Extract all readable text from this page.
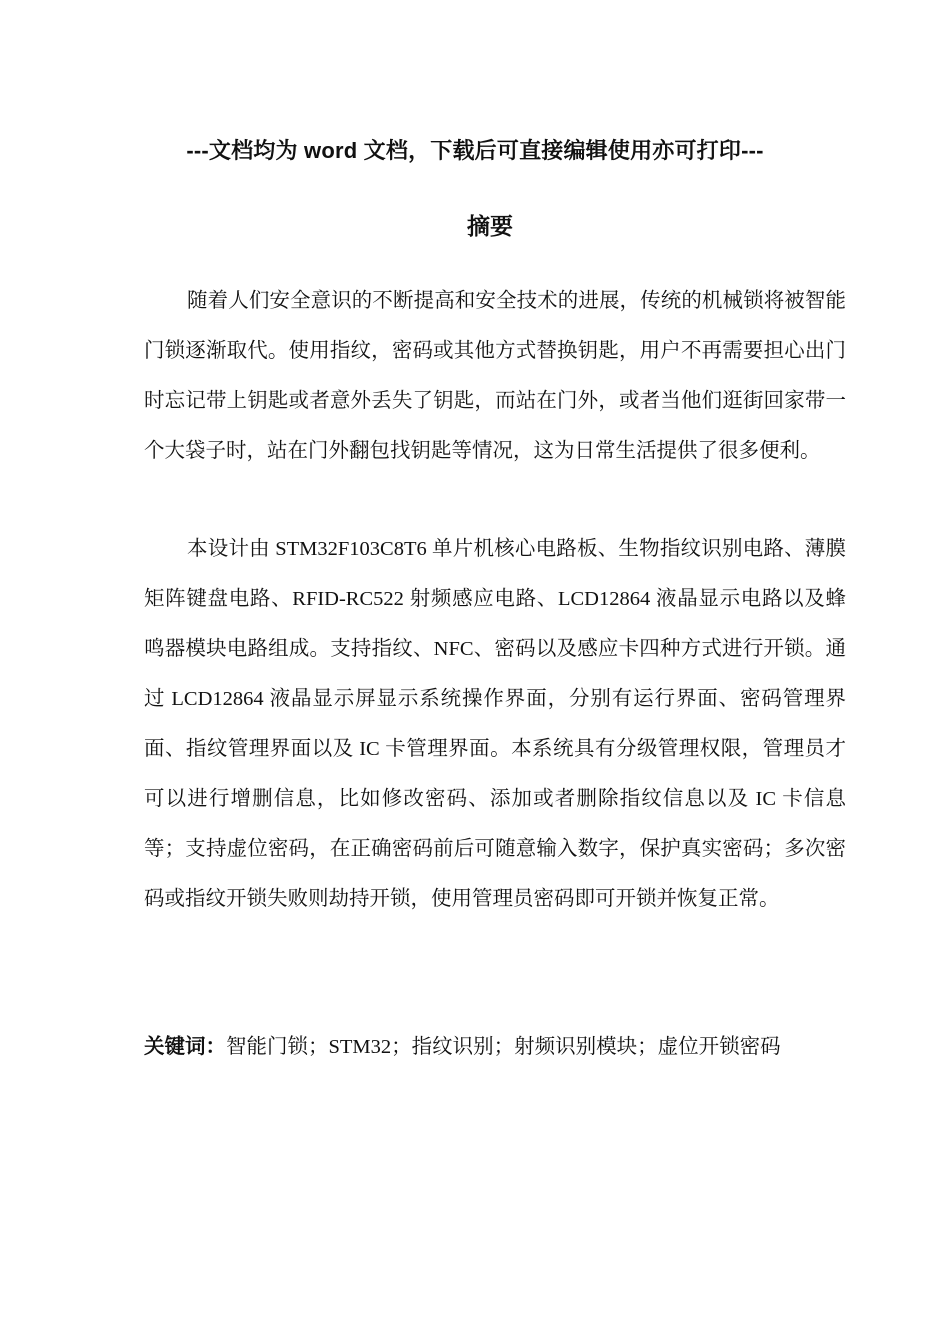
---文档均为 word 文档，下载后可直接编辑使用亦可打印---
摘要

随着人们安全意识的不断提高和安全技术的进展，传统的机械锁将被智能门锁逐渐取代。使用指纹，密码或其他方式替换钥匙，用户不再需要担心出门时忘记带上钥匙或者意外丢失了钥匙，而站在门外，或者当他们逛街回家带一个大袋子时，站在门外翻包找钥匙等情况，这为日常生活提供了很多便利。

本设计由 STM32F103C8T6 单片机核心电路板、生物指纹识别电路、薄膜矩阵键盘电路、RFID-RC522 射频感应电路、LCD12864 液晶显示电路以及蜂鸣器模块电路组成。支持指纹、NFC、密码以及感应卡四种方式进行开锁。通过 LCD12864 液晶显示屏显示系统操作界面，分别有运行界面、密码管理界面、指纹管理界面以及 IC 卡管理界面。本系统具有分级管理权限，管理员才可以进行增删信息，比如修改密码、添加或者删除指纹信息以及 IC 卡信息等；支持虚位密码，在正确密码前后可随意输入数字，保护真实密码；多次密码或指纹开锁失败则劫持开锁，使用管理员密码即可开锁并恢复正常。

关键词：智能门锁；STM32；指纹识别；射频识别模块；虚位开锁密码
